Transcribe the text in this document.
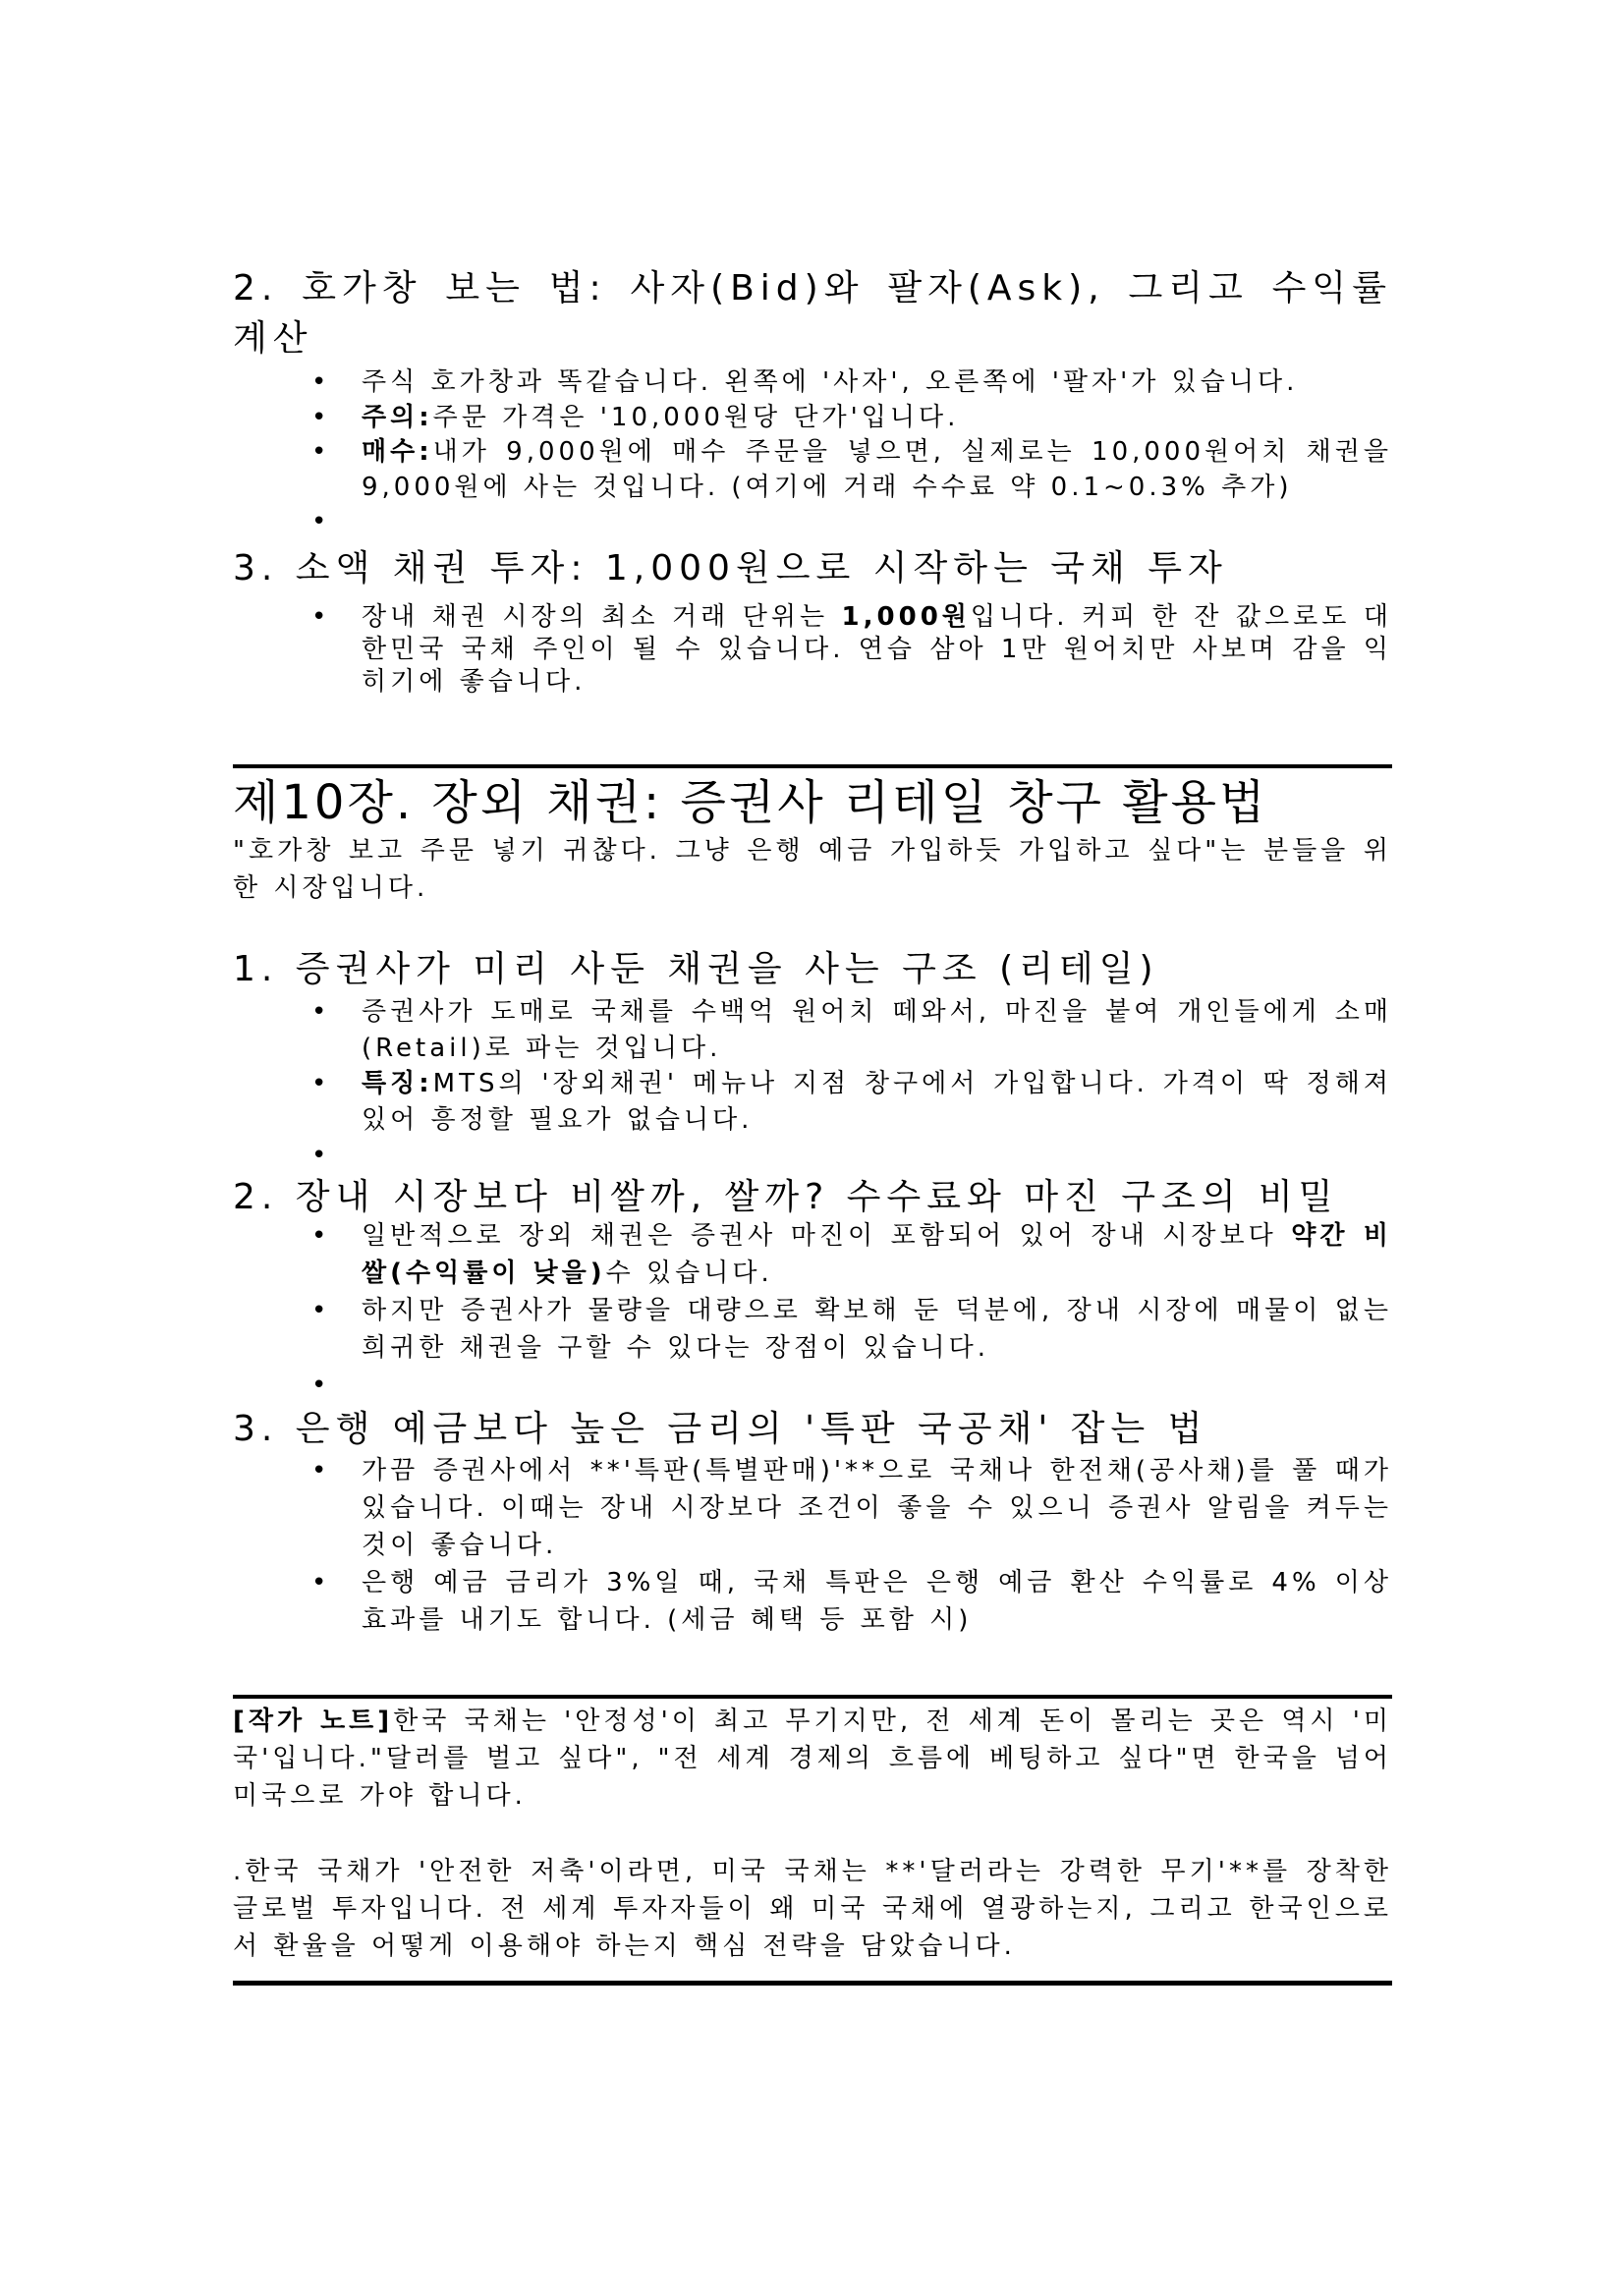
2. 호가창 보는 법: 사자(Bid)와 팔자(Ask), 그리고 수익률 계산
• 주식 호가창과 똑같습니다. 왼쪽에 '사자', 오른쪽에 '팔자'가 있습니다.
• 주의:주문 가격은 '10,000원당 단가'입니다.
• 매수:내가 9,000원에 매수 주문을 넣으면, 실제로는 10,000원어치 채권을 9,000원에 사는 것입니다. (여기에 거래 수수료 약 0.1~0.3% 추가)
•
3. 소액 채권 투자: 1,000원으로 시작하는 국채 투자
• 장내 채권 시장의 최소 거래 단위는 1,000원입니다. 커피 한 잔 값으로도 대한민국 국채 주인이 될 수 있습니다. 연습 삼아 1만 원어치만 사보며 감을 익히기에 좋습니다.
제10장. 장외 채권: 증권사 리테일 창구 활용법

"호가창 보고 주문 넣기 귀찮다. 그냥 은행 예금 가입하듯 가입하고 싶다"는 분들을 위한 시장입니다.

1. 증권사가 미리 사둔 채권을 사는 구조 (리테일)
• 증권사가 도매로 국채를 수백억 원어치 떼와서, 마진을 붙여 개인들에게 소매(Retail)로 파는 것입니다.
• 특징:MTS의 '장외채권' 메뉴나 지점 창구에서 가입합니다. 가격이 딱 정해져 있어 흥정할 필요가 없습니다.
•
2. 장내 시장보다 비쌀까, 쌀까? 수수료와 마진 구조의 비밀
• 일반적으로 장외 채권은 증권사 마진이 포함되어 있어 장내 시장보다 약간 비쌀(수익률이 낮을)수 있습니다.
• 하지만 증권사가 물량을 대량으로 확보해 둔 덕분에, 장내 시장에 매물이 없는 희귀한 채권을 구할 수 있다는 장점이 있습니다.
•
3. 은행 예금보다 높은 금리의 '특판 국공채' 잡는 법
• 가끔 증권사에서 **'특판(특별판매)'**으로 국채나 한전채(공사채)를 풀 때가 있습니다. 이때는 장내 시장보다 조건이 좋을 수 있으니 증권사 알림을 켜두는 것이 좋습니다.
• 은행 예금 금리가 3%일 때, 국채 특판은 은행 예금 환산 수익률로 4% 이상 효과를 내기도 합니다. (세금 혜택 등 포함 시)

[작가 노트]한국 국채는 '안정성'이 최고 무기지만, 전 세계 돈이 몰리는 곳은 역시 '미국'입니다."달러를 벌고 싶다", "전 세계 경제의 흐름에 베팅하고 싶다"면 한국을 넘어 미국으로 가야 합니다.

.한국 국채가 '안전한 저축'이라면, 미국 국채는 **'달러라는 강력한 무기'**를 장착한 글로벌 투자입니다. 전 세계 투자자들이 왜 미국 국채에 열광하는지, 그리고 한국인으로서 환율을 어떻게 이용해야 하는지 핵심 전략을 담았습니다.
